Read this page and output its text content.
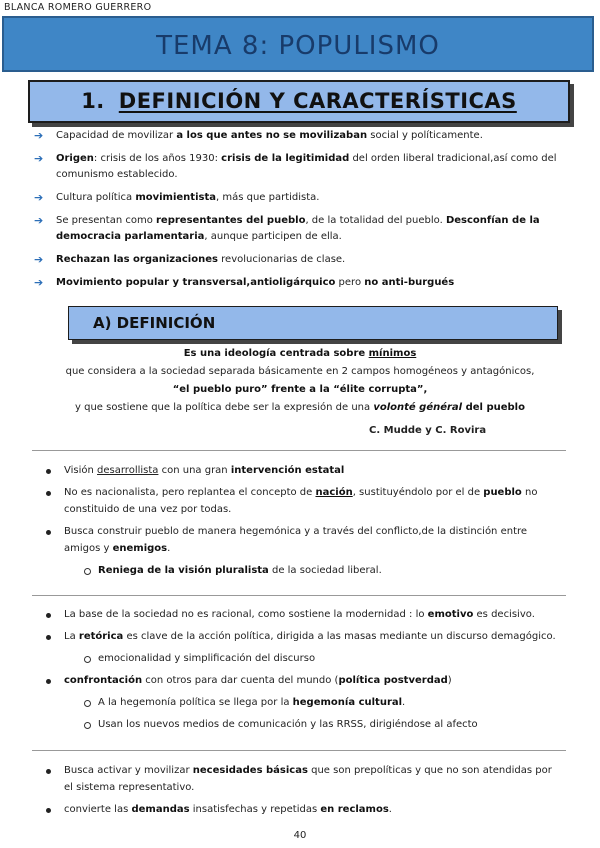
BLANCA ROMERO GUERRERO
TEMA 8: POPULISMO
1. DEFINICIÓN Y CARACTERÍSTICAS
➔ Capacidad de movilizar a los que antes no se movilizaban social y políticamente.
➔ Origen: crisis de los años 1930: crisis de la legitimidad del orden liberal tradicional,así como del comunismo establecido.
➔ Cultura política movimientista, más que partidista.
➔ Se presentan como representantes del pueblo, de la totalidad del pueblo. Desconfían de la democracia parlamentaria, aunque participen de ella.
➔ Rechazan las organizaciones revolucionarias de clase.
➔ Movimiento popular y transversal,antioligárquico pero no anti-burgués
A) DEFINICIÓN
Es una ideología centrada sobre mínimos
que considera a la sociedad separada básicamente en 2 campos homogéneos y antagónicos,
“el pueblo puro” frente a la “élite corrupta”,
y que sostiene que la política debe ser la expresión de una volonté général del pueblo
C. Mudde y C. Rovira
Visión desarrollista con una gran intervención estatal
No es nacionalista, pero replantea el concepto de nación, sustituyéndolo por el de pueblo no constituido de una vez por todas.
Busca construir pueblo de manera hegemónica y a través del conflicto,de la distinción entre amigos y enemigos.
Reniega de la visión pluralista de la sociedad liberal.
La base de la sociedad no es racional, como sostiene la modernidad : lo emotivo es decisivo.
La retórica es clave de la acción política, dirigida a las masas mediante un discurso demagógico.
emocionalidad y simplificación del discurso
confrontación con otros para dar cuenta del mundo (política postverdad)
A la hegemonía política se llega por la hegemonía cultural.
Usan los nuevos medios de comunicación y las RRSS, dirigiéndose al afecto
Busca activar y movilizar necesidades básicas que son prepolíticas y que no son atendidas por el sistema representativo.
convierte las demandas insatisfechas y repetidas en reclamos.
40
